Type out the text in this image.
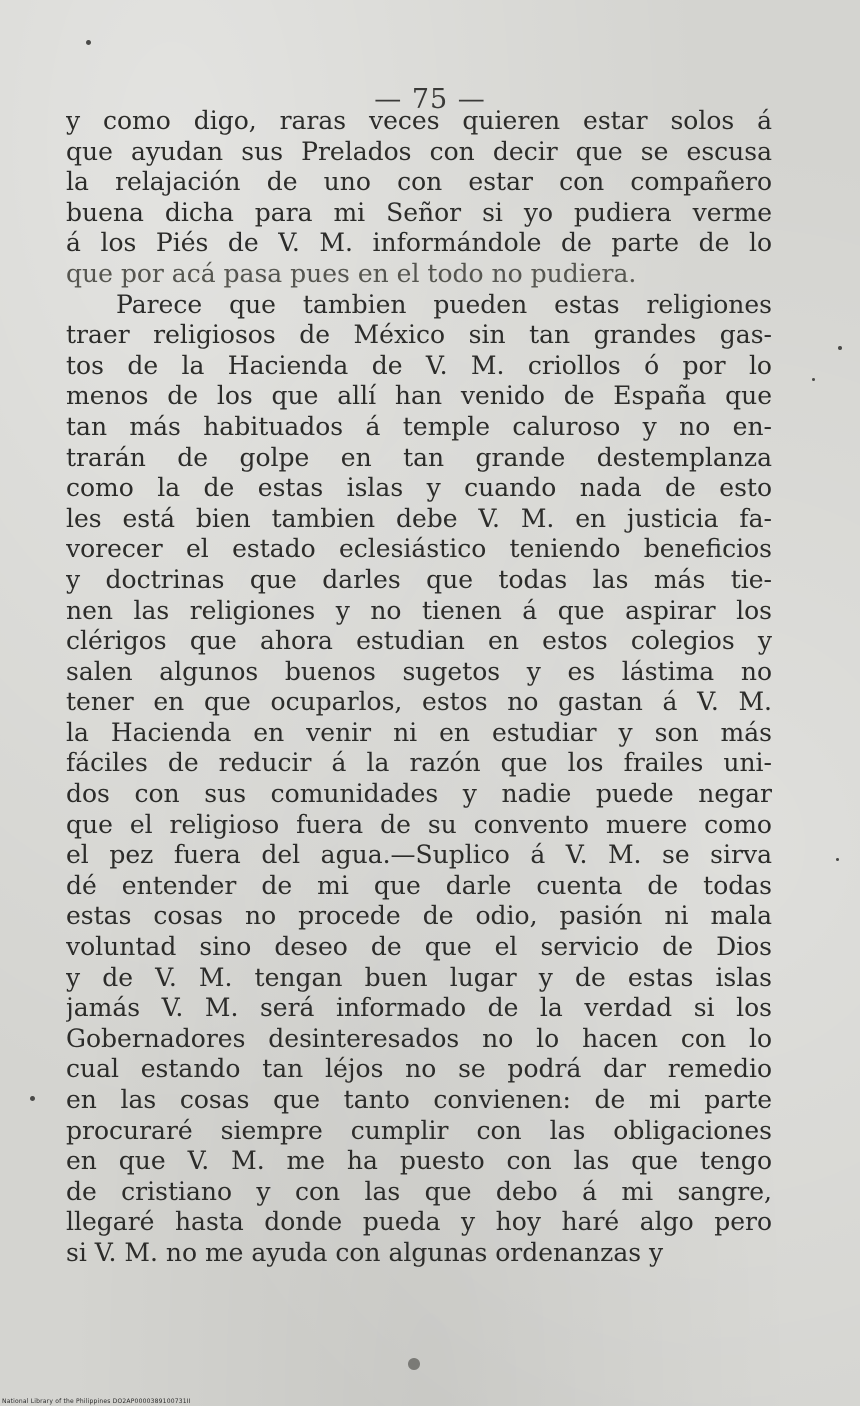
— 75 —
y como digo, raras veces quieren estar solos á
que ayudan sus Prelados con decir que se escusa
la relajación de uno con estar con compañero
buena dicha para mi Señor si yo pudiera verme
á los Piés de V. M. informándole de parte de lo
que por acá pasa pues en el todo no pudiera.
Parece que tambien pueden estas religiones
traer religiosos de México sin tan grandes gas-
tos de la Hacienda de V. M. criollos ó por lo
menos de los que allí han venido de España que
tan más habituados á temple caluroso y no en-
trarán de golpe en tan grande destemplanza
como la de estas islas y cuando nada de esto
les está bien tambien debe V. M. en justicia fa-
vorecer el estado eclesiástico teniendo beneficios
y doctrinas que darles que todas las más tie-
nen las religiones y no tienen á que aspirar los
clérigos que ahora estudian en estos colegios y
salen algunos buenos sugetos y es lástima no
tener en que ocuparlos, estos no gastan á V. M.
la Hacienda en venir ni en estudiar y son más
fáciles de reducir á la razón que los frailes uni-
dos con sus comunidades y nadie puede negar
que el religioso fuera de su convento muere como
el pez fuera del agua.—Suplico á V. M. se sirva
dé entender de mi que darle cuenta de todas
estas cosas no procede de odio, pasión ni mala
voluntad sino deseo de que el servicio de Dios
y de V. M. tengan buen lugar y de estas islas
jamás V. M. será informado de la verdad si los
Gobernadores desinteresados no lo hacen con lo
cual estando tan léjos no se podrá dar remedio
en las cosas que tanto convienen: de mi parte
procuraré siempre cumplir con las obligaciones
en que V. M. me ha puesto con las que tengo
de cristiano y con las que debo á mi sangre,
llegaré hasta donde pueda y hoy haré algo pero
si V. M. no me ayuda con algunas ordenanzas y
National Library of the Philippines DO2AP0000389100731II
